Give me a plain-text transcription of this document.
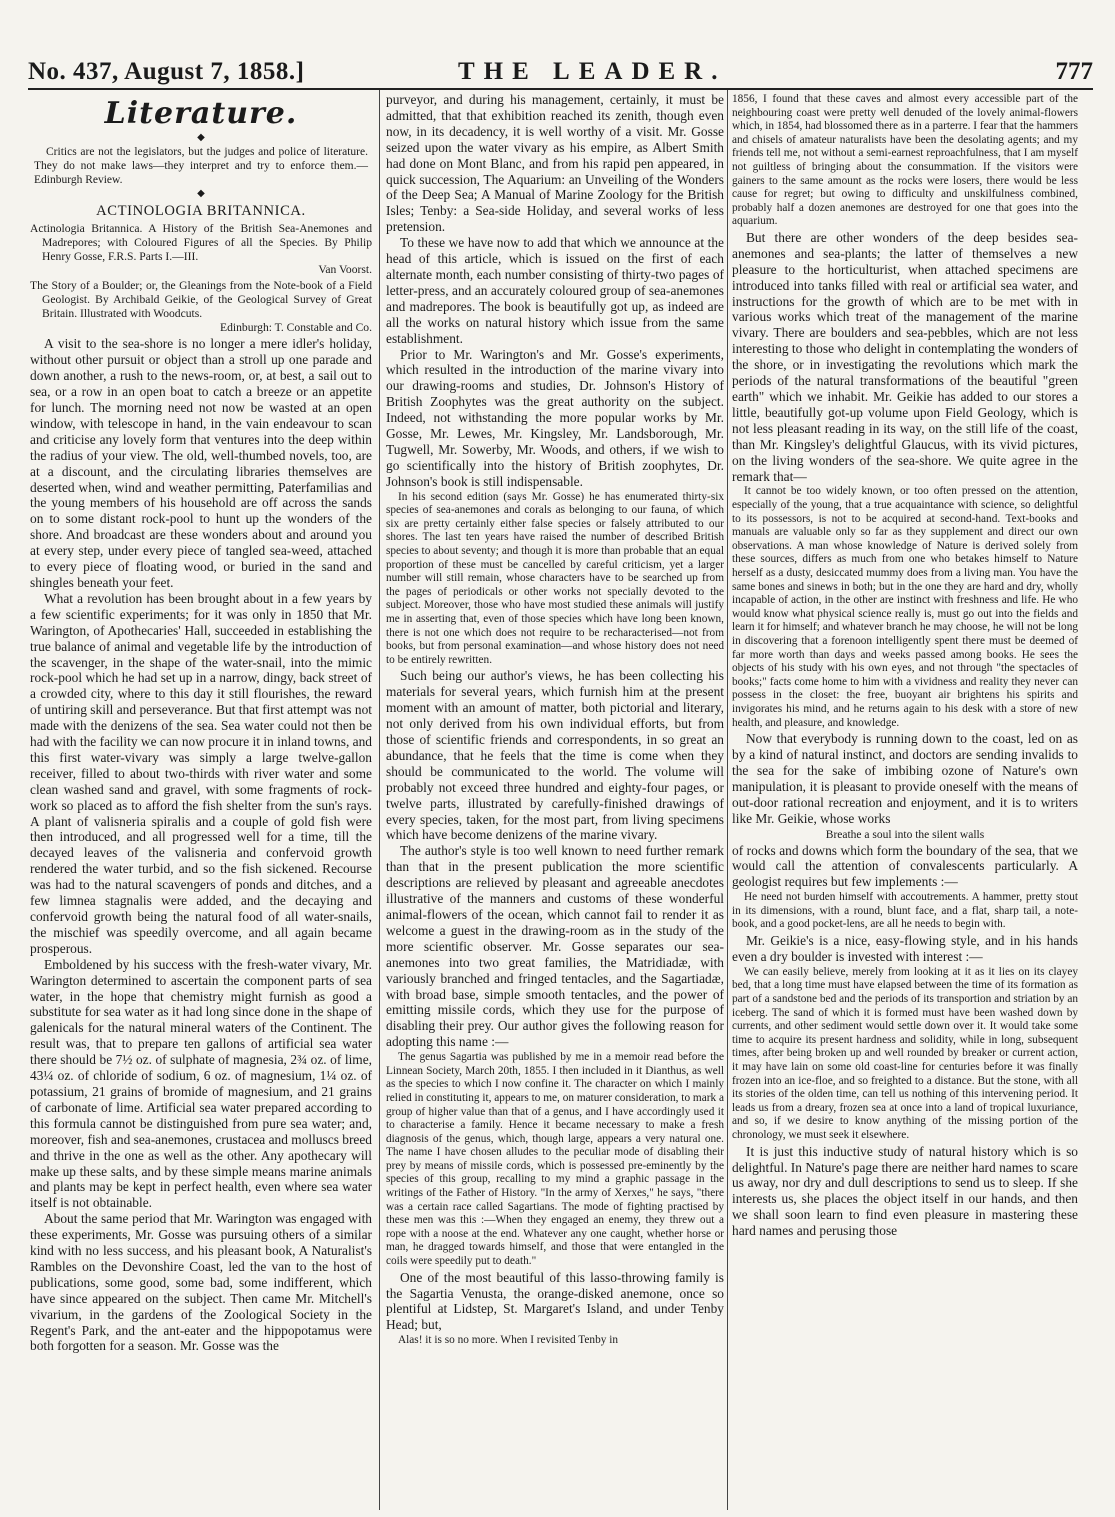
No. 437, August 7, 1858.]	THE LEADER.	777
Literature.
◆

Critics are not the legislators, but the judges and police of literature. They do not make laws—they interpret and try to enforce them.—Edinburgh Review.

◆
ACTINOLOGIA BRITANNICA.

Actinologia Britannica. A History of the British Sea-Anemones and Madrepores; with Coloured Figures of all the Species. By Philip Henry Gosse, F.R.S. Parts I.—III.
Van Voorst.

The Story of a Boulder; or, the Gleanings from the Note-book of a Field Geologist. By Archibald Geikie, of the Geological Survey of Great Britain. Illustrated with Woodcuts.
Edinburgh: T. Constable and Co.

A visit to the sea-shore is no longer a mere idler's holiday, without other pursuit or object than a stroll up one parade and down another, a rush to the news-room, or, at best, a sail out to sea, or a row in an open boat to catch a breeze or an appetite for lunch. The morning need not now be wasted at an open window, with telescope in hand, in the vain endeavour to scan and criticise any lovely form that ventures into the deep within the radius of your view. The old, well-thumbed novels, too, are at a discount, and the circulating libraries themselves are deserted when, wind and weather permitting, Paterfamilias and the young members of his household are off across the sands on to some distant rock-pool to hunt up the wonders of the shore. And broadcast are these wonders about and around you at every step, under every piece of tangled sea-weed, attached to every piece of floating wood, or buried in the sand and shingles beneath your feet.

What a revolution has been brought about in a few years by a few scientific experiments; for it was only in 1850 that Mr. Warington, of Apothecaries' Hall, succeeded in establishing the true balance of animal and vegetable life by the introduction of the scavenger, in the shape of the water-snail, into the mimic rock-pool which he had set up in a narrow, dingy, back street of a crowded city, where to this day it still flourishes, the reward of untiring skill and perseverance. But that first attempt was not made with the denizens of the sea. Sea water could not then be had with the facility we can now procure it in inland towns, and this first water-vivary was simply a large twelve-gallon receiver, filled to about two-thirds with river water and some clean washed sand and gravel, with some fragments of rock-work so placed as to afford the fish shelter from the sun's rays. A plant of valisneria spiralis and a couple of gold fish were then introduced, and all progressed well for a time, till the decayed leaves of the valisneria and confervoid growth rendered the water turbid, and so the fish sickened. Recourse was had to the natural scavengers of ponds and ditches, and a few limnea stagnalis were added, and the decaying and confervoid growth being the natural food of all water-snails, the mischief was speedily overcome, and all again became prosperous.

Emboldened by his success with the fresh-water vivary, Mr. Warington determined to ascertain the component parts of sea water, in the hope that chemistry might furnish as good a substitute for sea water as it had long since done in the shape of galenicals for the natural mineral waters of the Continent. The result was, that to prepare ten gallons of artificial sea water there should be 7½ oz. of sulphate of magnesia, 2¾ oz. of lime, 43¼ oz. of chloride of sodium, 6 oz. of magnesium, 1¼ oz. of potassium, 21 grains of bromide of magnesium, and 21 grains of carbonate of lime. Artificial sea water prepared according to this formula cannot be distinguished from pure sea water; and, moreover, fish and sea-anemones, crustacea and molluscs breed and thrive in the one as well as the other. Any apothecary will make up these salts, and by these simple means marine animals and plants may be kept in perfect health, even where sea water itself is not obtainable.

About the same period that Mr. Warington was engaged with these experiments, Mr. Gosse was pursuing others of a similar kind with no less success, and his pleasant book, A Naturalist's Rambles on the Devonshire Coast, led the van to the host of publications, some good, some bad, some indifferent, which have since appeared on the subject. Then came Mr. Mitchell's vivarium, in the gardens of the Zoological Society in the Regent's Park, and the ant-eater and the hippopotamus were both forgotten for a season. Mr. Gosse was the

purveyor, and during his management, certainly, it must be admitted, that that exhibition reached its zenith, though even now, in its decadency, it is well worthy of a visit. Mr. Gosse seized upon the water vivary as his empire, as Albert Smith had done on Mont Blanc, and from his rapid pen appeared, in quick succession, The Aquarium: an Unveiling of the Wonders of the Deep Sea; A Manual of Marine Zoology for the British Isles; Tenby: a Sea-side Holiday, and several works of less pretension.

To these we have now to add that which we announce at the head of this article, which is issued on the first of each alternate month, each number consisting of thirty-two pages of letter-press, and an accurately coloured group of sea-anemones and madrepores. The book is beautifully got up, as indeed are all the works on natural history which issue from the same establishment.

Prior to Mr. Warington's and Mr. Gosse's experiments, which resulted in the introduction of the marine vivary into our drawing-rooms and studies, Dr. Johnson's History of British Zoophytes was the great authority on the subject. Indeed, not withstanding the more popular works by Mr. Gosse, Mr. Lewes, Mr. Kingsley, Mr. Landsborough, Mr. Tugwell, Mr. Sowerby, Mr. Woods, and others, if we wish to go scientifically into the history of British zoophytes, Dr. Johnson's book is still indispensable.

In his second edition (says Mr. Gosse) he has enumerated thirty-six species of sea-anemones and corals as belonging to our fauna, of which six are pretty certainly either false species or falsely attributed to our shores. The last ten years have raised the number of described British species to about seventy; and though it is more than probable that an equal proportion of these must be cancelled by careful criticism, yet a larger number will still remain, whose characters have to be searched up from the pages of periodicals or other works not specially devoted to the subject. Moreover, those who have most studied these animals will justify me in asserting that, even of those species which have long been known, there is not one which does not require to be recharacterised—not from books, but from personal examination—and whose history does not need to be entirely rewritten.

Such being our author's views, he has been collecting his materials for several years, which furnish him at the present moment with an amount of matter, both pictorial and literary, not only derived from his own individual efforts, but from those of scientific friends and correspondents, in so great an abundance, that he feels that the time is come when they should be communicated to the world. The volume will probably not exceed three hundred and eighty-four pages, or twelve parts, illustrated by carefully-finished drawings of every species, taken, for the most part, from living specimens which have become denizens of the marine vivary.

The author's style is too well known to need further remark than that in the present publication the more scientific descriptions are relieved by pleasant and agreeable anecdotes illustrative of the manners and customs of these wonderful animal-flowers of the ocean, which cannot fail to render it as welcome a guest in the drawing-room as in the study of the more scientific observer. Mr. Gosse separates our sea-anemones into two great families, the Matridiadæ, with variously branched and fringed tentacles, and the Sagartiadæ, with broad base, simple smooth tentacles, and the power of emitting missile cords, which they use for the purpose of disabling their prey. Our author gives the following reason for adopting this name :—

The genus Sagartia was published by me in a memoir read before the Linnean Society, March 20th, 1855. I then included in it Dianthus, as well as the species to which I now confine it. The character on which I mainly relied in constituting it, appears to me, on maturer consideration, to mark a group of higher value than that of a genus, and I have accordingly used it to characterise a family. Hence it became necessary to make a fresh diagnosis of the genus, which, though large, appears a very natural one. The name I have chosen alludes to the peculiar mode of disabling their prey by means of missile cords, which is possessed pre-eminently by the species of this group, recalling to my mind a graphic passage in the writings of the Father of History. "In the army of Xerxes," he says, "there was a certain race called Sagartians. The mode of fighting practised by these men was this :—When they engaged an enemy, they threw out a rope with a noose at the end. Whatever any one caught, whether horse or man, he dragged towards himself, and those that were entangled in the coils were speedily put to death."

One of the most beautiful of this lasso-throwing family is the Sagartia Venusta, the orange-disked anemone, once so plentiful at Lidstep, St. Margaret's Island, and under Tenby Head; but,

Alas! it is so no more. When I revisited Tenby in

1856, I found that these caves and almost every accessible part of the neighbouring coast were pretty well denuded of the lovely animal-flowers which, in 1854, had blossomed there as in a parterre. I fear that the hammers and chisels of amateur naturalists have been the desolating agents; and my friends tell me, not without a semi-earnest reproachfulness, that I am myself not guiltless of bringing about the consummation. If the visitors were gainers to the same amount as the rocks were losers, there would be less cause for regret; but owing to difficulty and unskilfulness combined, probably half a dozen anemones are destroyed for one that goes into the aquarium.

But there are other wonders of the deep besides sea-anemones and sea-plants; the latter of themselves a new pleasure to the horticulturist, when attached specimens are introduced into tanks filled with real or artificial sea water, and instructions for the growth of which are to be met with in various works which treat of the management of the marine vivary. There are boulders and sea-pebbles, which are not less interesting to those who delight in contemplating the wonders of the shore, or in investigating the revolutions which mark the periods of the natural transformations of the beautiful "green earth" which we inhabit. Mr. Geikie has added to our stores a little, beautifully got-up volume upon Field Geology, which is not less pleasant reading in its way, on the still life of the coast, than Mr. Kingsley's delightful Glaucus, with its vivid pictures, on the living wonders of the sea-shore. We quite agree in the remark that—

It cannot be too widely known, or too often pressed on the attention, especially of the young, that a true acquaintance with science, so delightful to its possessors, is not to be acquired at second-hand. Text-books and manuals are valuable only so far as they supplement and direct our own observations. A man whose knowledge of Nature is derived solely from these sources, differs as much from one who betakes himself to Nature herself as a dusty, desiccated mummy does from a living man. You have the same bones and sinews in both; but in the one they are hard and dry, wholly incapable of action, in the other are instinct with freshness and life. He who would know what physical science really is, must go out into the fields and learn it for himself; and whatever branch he may choose, he will not be long in discovering that a forenoon intelligently spent there must be deemed of far more worth than days and weeks passed among books. He sees the objects of his study with his own eyes, and not through "the spectacles of books;" facts come home to him with a vividness and reality they never can possess in the closet: the free, buoyant air brightens his spirits and invigorates his mind, and he returns again to his desk with a store of new health, and pleasure, and knowledge.

Now that everybody is running down to the coast, led on as by a kind of natural instinct, and doctors are sending invalids to the sea for the sake of imbibing ozone of Nature's own manipulation, it is pleasant to provide oneself with the means of out-door rational recreation and enjoyment, and it is to writers like Mr. Geikie, whose works

Breathe a soul into the silent walls

of rocks and downs which form the boundary of the sea, that we would call the attention of convalescents particularly. A geologist requires but few implements :—

He need not burden himself with accoutrements. A hammer, pretty stout in its dimensions, with a round, blunt face, and a flat, sharp tail, a note-book, and a good pocket-lens, are all he needs to begin with.

Mr. Geikie's is a nice, easy-flowing style, and in his hands even a dry boulder is invested with interest :—

We can easily believe, merely from looking at it as it lies on its clayey bed, that a long time must have elapsed between the time of its formation as part of a sandstone bed and the periods of its transportion and striation by an iceberg. The sand of which it is formed must have been washed down by currents, and other sediment would settle down over it. It would take some time to acquire its present hardness and solidity, while in long, subsequent times, after being broken up and well rounded by breaker or current action, it may have lain on some old coast-line for centuries before it was finally frozen into an ice-floe, and so freighted to a distance. But the stone, with all its stories of the olden time, can tell us nothing of this intervening period. It leads us from a dreary, frozen sea at once into a land of tropical luxuriance, and so, if we desire to know anything of the missing portion of the chronology, we must seek it elsewhere.

It is just this inductive study of natural history which is so delightful. In Nature's page there are neither hard names to scare us away, nor dry and dull descriptions to send us to sleep. If she interests us, she places the object itself in our hands, and then we shall soon learn to find even pleasure in mastering these hard names and perusing those
